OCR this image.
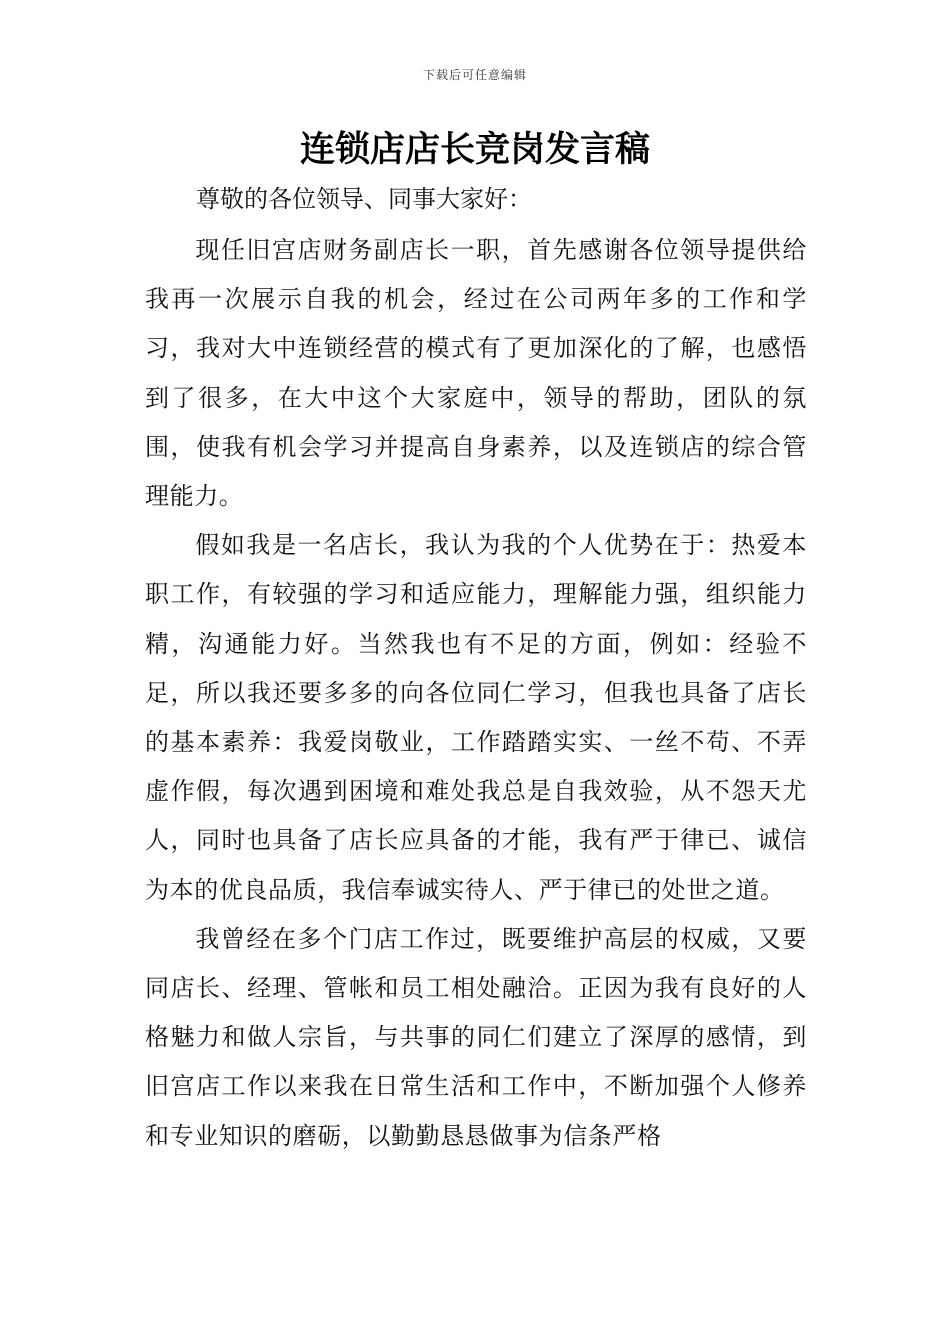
下载后可任意编辑
连锁店店长竞岗发言稿

尊敬的各位领导、同事大家好：

现任旧宫店财务副店长一职，首先感谢各位领导提供给我再一次展示自我的机会，经过在公司两年多的工作和学习，我对大中连锁经营的模式有了更加深化的了解，也感悟到了很多，在大中这个大家庭中，领导的帮助，团队的氛围，使我有机会学习并提高自身素养，以及连锁店的综合管理能力。

假如我是一名店长，我认为我的个人优势在于：热爱本职工作，有较强的学习和适应能力，理解能力强，组织能力精，沟通能力好。当然我也有不足的方面，例如：经验不足，所以我还要多多的向各位同仁学习，但我也具备了店长的基本素养：我爱岗敬业，工作踏踏实实、一丝不苟、不弄虚作假，每次遇到困境和难处我总是自我效验，从不怨天尤人，同时也具备了店长应具备的才能，我有严于律已、诚信为本的优良品质，我信奉诚实待人、严于律已的处世之道。

我曾经在多个门店工作过，既要维护高层的权威，又要同店长、经理、管帐和员工相处融洽。正因为我有良好的人格魅力和做人宗旨，与共事的同仁们建立了深厚的感情，到旧宫店工作以来我在日常生活和工作中，不断加强个人修养和专业知识的磨砺，以勤勤恳恳做事为信条严格
